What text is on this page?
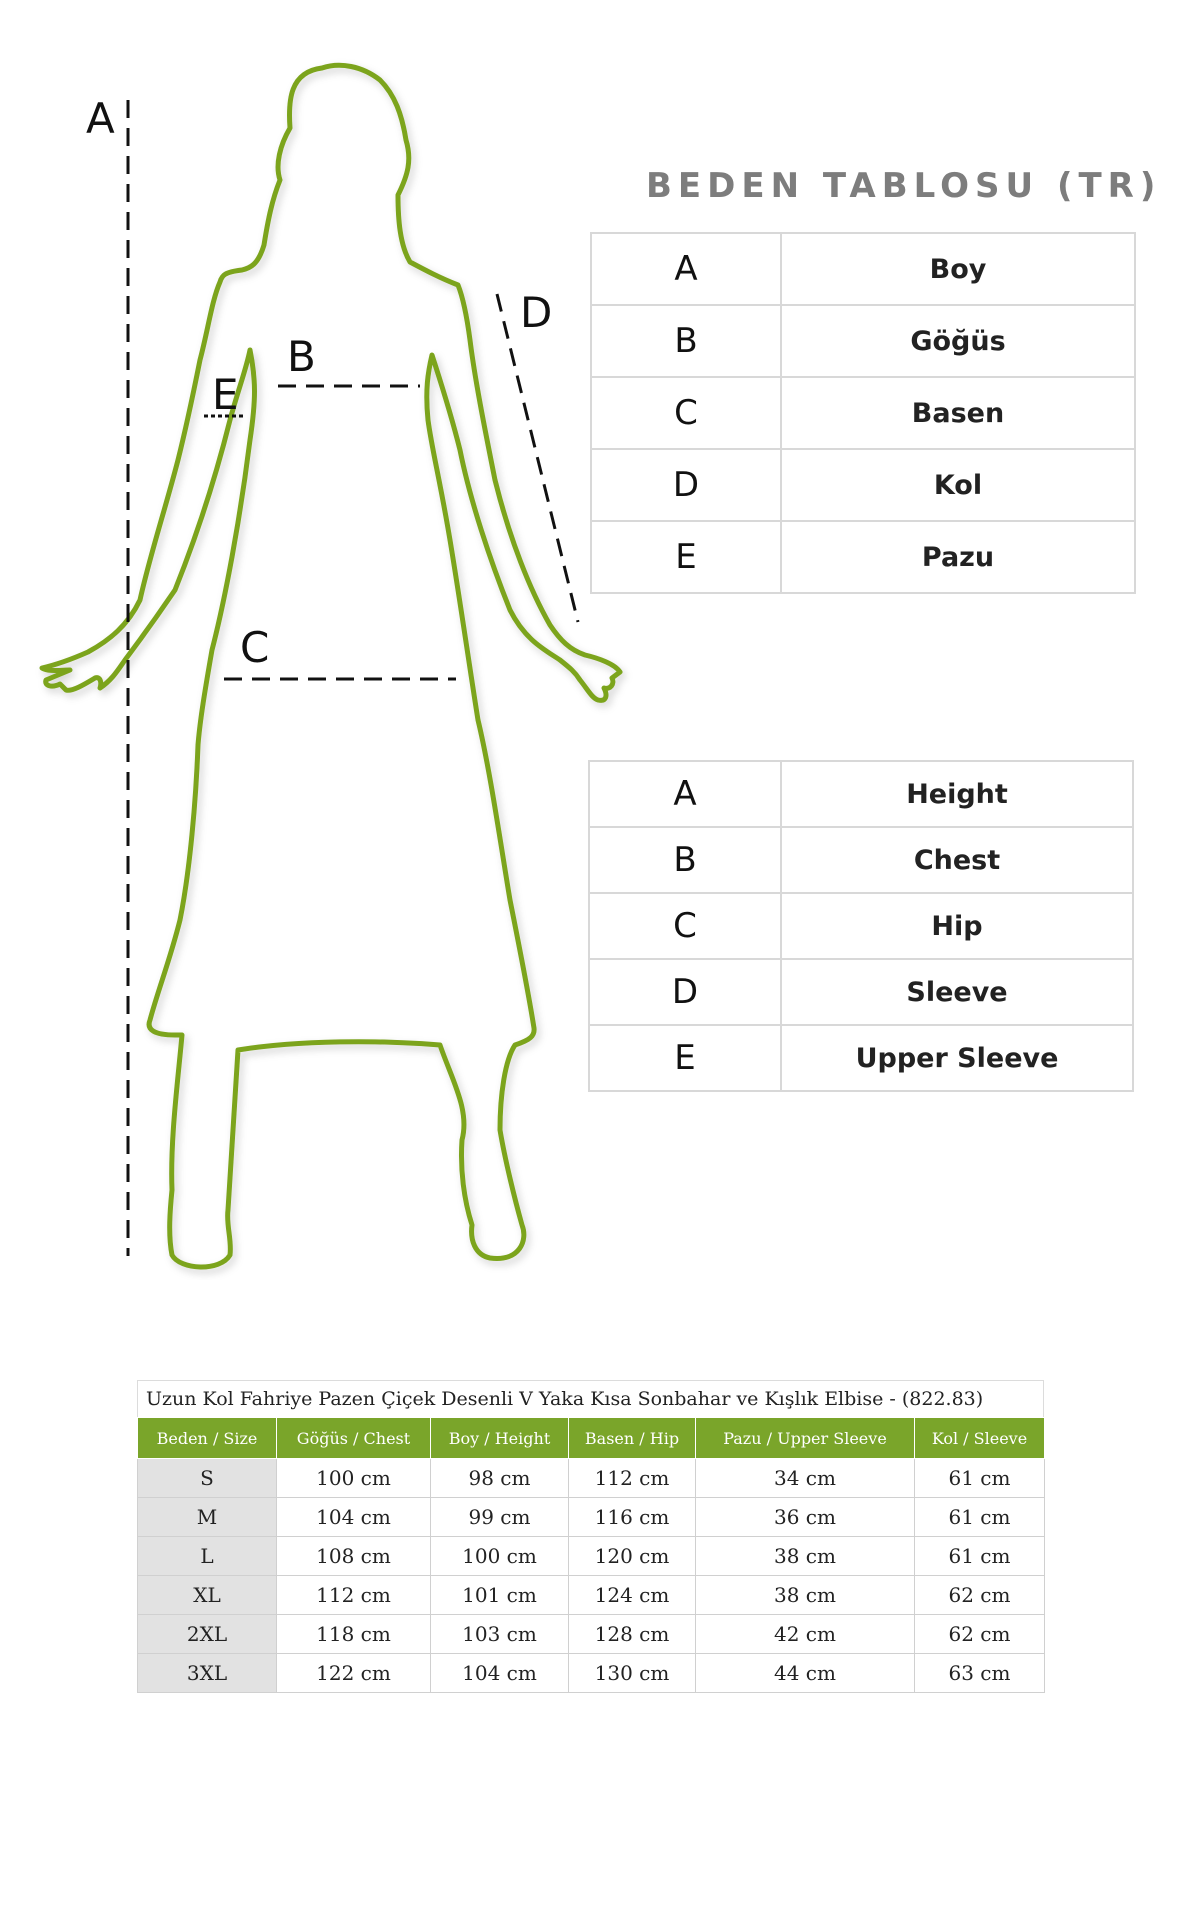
A
B
C
D
E
BEDEN TABLOSU (TR)
A	Boy
B	Göğüs
C	Basen
D	Kol
E	Pazu
A	Height
B	Chest
C	Hip
D	Sleeve
E	Upper Sleeve
Uzun Kol Fahriye Pazen Çiçek Desenli V Yaka Kısa Sonbahar ve Kışlık Elbise - (822.83)
Beden / Size	Göğüs / Chest	Boy / Height	Basen / Hip	Pazu / Upper Sleeve	Kol / Sleeve
S	100 cm	98 cm	112 cm	34 cm	61 cm
M	104 cm	99 cm	116 cm	36 cm	61 cm
L	108 cm	100 cm	120 cm	38 cm	61 cm
XL	112 cm	101 cm	124 cm	38 cm	62 cm
2XL	118 cm	103 cm	128 cm	42 cm	62 cm
3XL	122 cm	104 cm	130 cm	44 cm	63 cm
